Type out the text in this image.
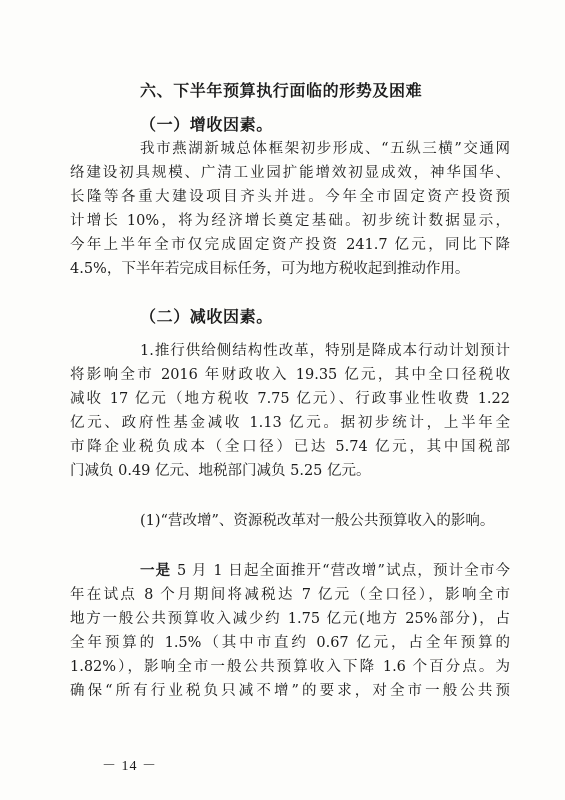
六、下半年预算执行面临的形势及困难
（一）增收因素。
我市燕湖新城总体框架初步形成、“五纵三横”交通网
络建设初具规模、广清工业园扩能增效初显成效，神华国华、
长隆等各重大建设项目齐头并进。今年全市固定资产投资预
计增长 10%，将为经济增长奠定基础。初步统计数据显示，
今年上半年全市仅完成固定资产投资 241.7 亿元，同比下降
4.5%，下半年若完成目标任务，可为地方税收起到推动作用。
（二）减收因素。
1.推行供给侧结构性改革，特别是降成本行动计划预计
将影响全市 2016 年财政收入 19.35 亿元，其中全口径税收
减收 17 亿元（地方税收 7.75 亿元）、行政事业性收费 1.22
亿元、政府性基金减收 1.13 亿元。据初步统计，上半年全
市降企业税负成本（全口径）已达 5.74 亿元，其中国税部
门减负 0.49 亿元、地税部门减负 5.25 亿元。
(1)“营改增”、资源税改革对一般公共预算收入的影响。
一是 5 月 1 日起全面推开“营改增”试点，预计全市今
年在试点 8 个月期间将减税达 7 亿元（全口径），影响全市
地方一般公共预算收入减少约 1.75 亿元(地方 25%部分)，占
全年预算的 1.5%（其中市直约 0.67 亿元，占全年预算的
1.82%），影响全市一般公共预算收入下降 1.6 个百分点。为
确保“所有行业税负只减不增”的要求，对全市一般公共预
－ 14 －
